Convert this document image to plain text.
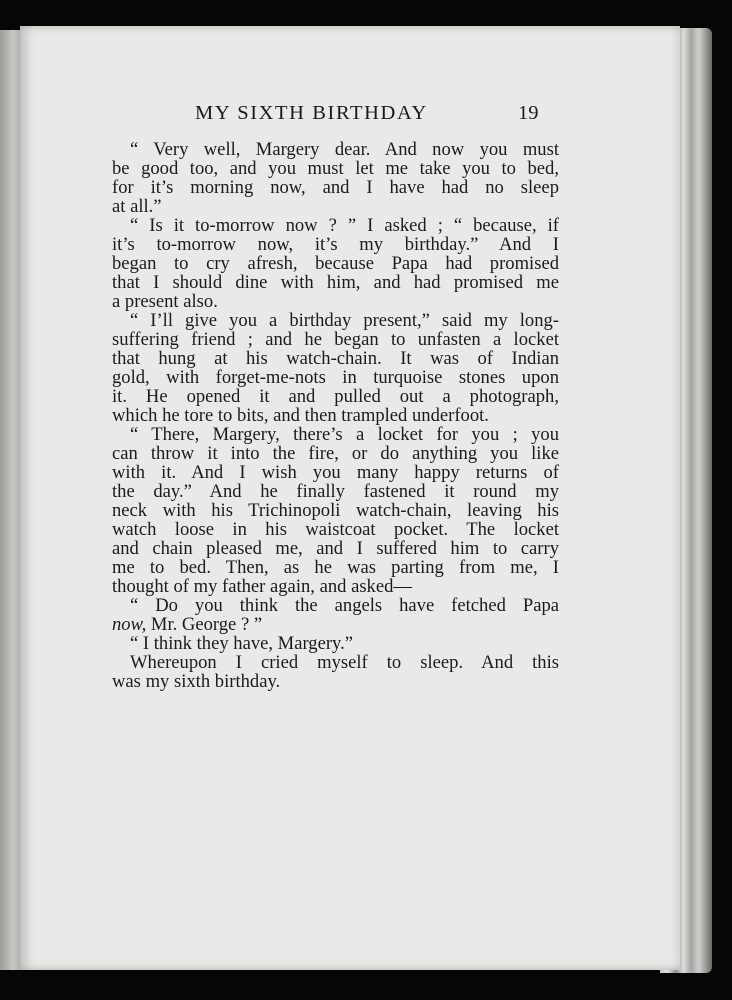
MY SIXTH BIRTHDAY	19
“ Very well, Margery dear. And now you must
be good too, and you must let me take you to bed,
for it’s morning now, and I have had no sleep
at all.”
“ Is it to-morrow now ? ” I asked ; “ because, if
it’s to-morrow now, it’s my birthday.” And I
began to cry afresh, because Papa had promised
that I should dine with him, and had promised me
a present also.
“ I’ll give you a birthday present,” said my long-
suffering friend ; and he began to unfasten a locket
that hung at his watch-chain. It was of Indian
gold, with forget-me-nots in turquoise stones upon
it. He opened it and pulled out a photograph,
which he tore to bits, and then trampled underfoot.
“ There, Margery, there’s a locket for you ; you
can throw it into the fire, or do anything you like
with it. And I wish you many happy returns of
the day.” And he finally fastened it round my
neck with his Trichinopoli watch-chain, leaving his
watch loose in his waistcoat pocket. The locket
and chain pleased me, and I suffered him to carry
me to bed. Then, as he was parting from me, I
thought of my father again, and asked—
“ Do you think the angels have fetched Papa
now, Mr. George ? ”
“ I think they have, Margery.”
Whereupon I cried myself to sleep. And this
was my sixth birthday.
